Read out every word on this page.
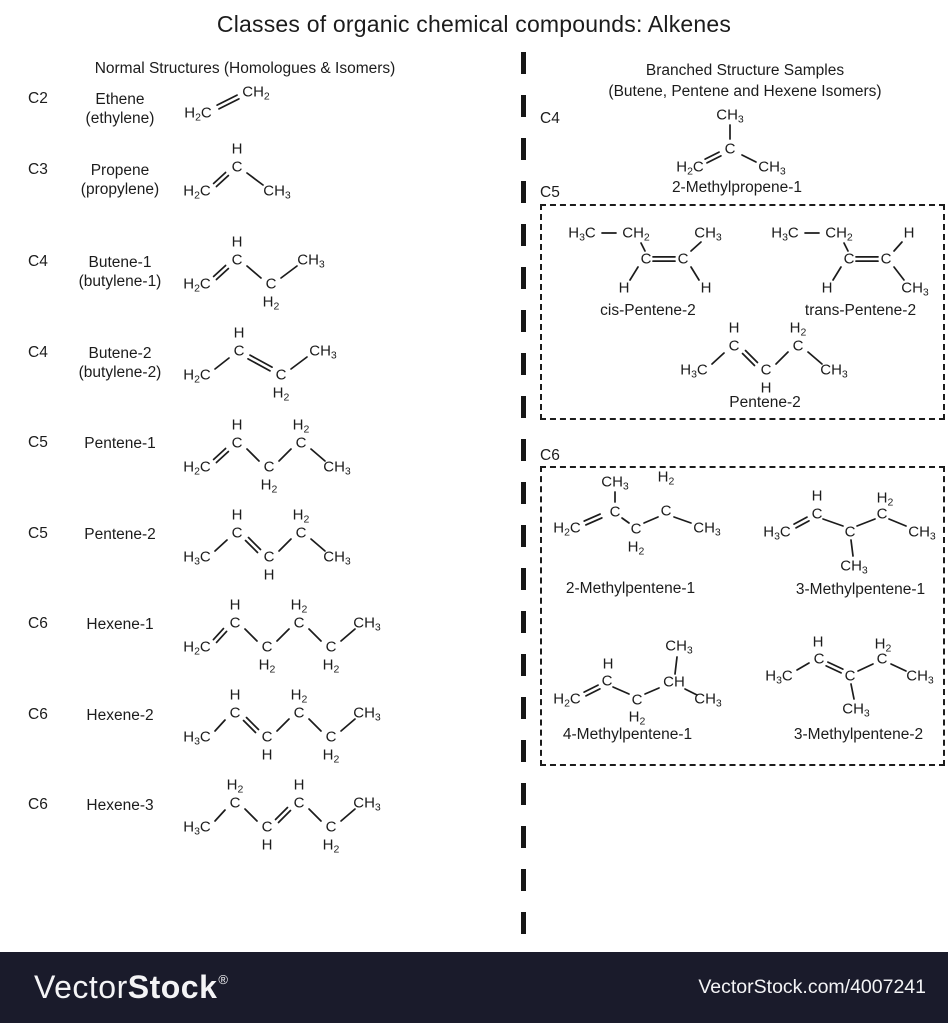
Classes of organic chemical compounds: Alkenes
Normal Structures (Homologues & Isomers)	Branched Structure Samples
(Butene, Pentene and Hexene Isomers)
C2	Ethene
(ethylene)	$H_2C$
$CH_2$
C3	Propene
(propylene)	$H_2C$
C
H
$CH_3$
C4	Butene-1
(butylene-1)	$H_2C$
C
H
C
$H_2$
$CH_3$
C4	Butene-2
(butylene-2)	$H_2C$
C
H
C
$H_2$
$CH_3$
C5	Pentene-1
$H_2C$
C
H
C
$H_2$
C
$H_2$
$CH_3$
C5	Pentene-2
$H_3C$
C
H
C
H
C
$H_2$
$CH_3$
C6	Hexene-1
$H_2C$
C
H
C
$H_2$
C
$H_2$
C
$H_2$
$CH_3$
C6	Hexene-2
$H_3C$
C
H
C
H
C
$H_2$
C
$H_2$
$CH_3$
C6	Hexene-3
$H_3C$
C
$H_2$
C
H
C
H
C
$H_2$
$CH_3$
C4	$CH_3$
C
$H_2C$	$CH_3$
2-Methylpropene-1
C5
$H_3C$ $CH_2$
C C
$CH_3$
H	H
cis-Pentene-2
$H_3C$ $CH_2$
C C
H
H	$CH_3$
trans-Pentene-2
$H_3C$
C
H
C
H
C
$H_2$
$CH_3$
Pentene-2
C6
$CH_3$
C
$H_2C$	C
$H_2$
C
$H_2$
$CH_3$
2-Methylpentene-1
$H_3C$
C
H
C
$CH_3$
C
$H_2$
$CH_3$
3-Methylpentene-1
$H_2C$
C
H
C
$H_2$
CH
$CH_3$
$CH_3$
4-Methylpentene-1
$H_3C$
C
H
C
$CH_3$
C
$H_2$
$CH_3$
3-Methylpentene-2
VectorStock®	VectorStock.com/4007241
